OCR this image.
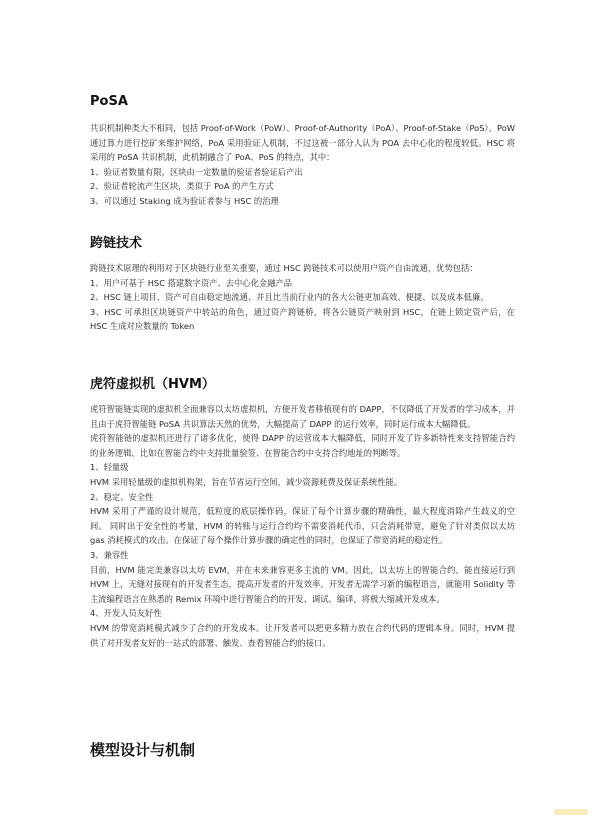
PoSA

共识机制种类大不相同，包括 Proof-of-Work（PoW）、Proof-of-Authority（PoA）、Proof-of-Stake（PoS）。PoW 通过算力进行挖矿来维护网络，PoA 采用验证人机制，不过这被一部分人认为 POA 去中心化的程度较低。HSC 将采用的 PoSA 共识机制，此机制融合了 PoA、PoS 的特点，其中：

1、验证者数量有限，区块由一定数量的验证者验证后产出

2、验证者轮流产生区块，类似于 PoA 的产生方式

3、可以通过 Staking 成为验证者参与 HSC 的治理

跨链技术

跨链技术原理的利用对于区块链行业至关重要，通过 HSC 跨链技术可以使用户资产自由流通，优势包括：

1、用户可基于 HSC 搭建数字资产、去中心化金融产品

2、HSC 链上项目、资产可自由稳定地流通、并且比当前行业内的各大公链更加高效、便捷、以及成本低廉。

3、HSC 可承担区块链资产中转站的角色，通过资产跨链桥，将各公链资产映射到 HSC，在链上锁定资产后，在 HSC 生成对应数量的 Token

虎符虚拟机（HVM）

虎符智能链实现的虚拟机全面兼容以太坊虚拟机，方便开发者移植现有的 DAPP，不仅降低了开发者的学习成本，并且由于虎符智能链 PoSA 共识算法天然的优势，大幅提高了 DAPP 的运行效率，同时运行成本大幅降低。

虎符智能链的虚拟机还进行了诸多优化，使得 DAPP 的运营成本大幅降低，同时开发了许多新特性来支持智能合约的业务逻辑，比如在智能合约中支持批量验签、在智能合约中支持合约地址的判断等。

1、轻量级

HVM 采用轻量级的虚拟机构架，旨在节省运行空间，减少资源耗费及保证系统性能。

2、稳定、安全性

HVM 采用了严谨的设计规范，低粒度的底层操作码，保证了每个计算步骤的精确性，最大程度消除产生歧义的空间。 同时出于安全性的考量，HVM 的转账与运行合约均不需要消耗代币，只会消耗带宽，避免了针对类似以太坊 gas 消耗模式的攻击。在保证了每个操作计算步骤的确定性的同时，也保证了带宽消耗的稳定性。

3、兼容性

目前，HVM 能完美兼容以太坊 EVM，并在未来兼容更多主流的 VM。因此，以太坊上的智能合约，能直接运行到 HVM 上，无缝对接现有的开发者生态，提高开发者的开发效率。开发者无需学习新的编程语言，就能用 Solidity 等主流编程语言在熟悉的 Remix 环境中进行智能合约的开发、调试、编译，将极大缩减开发成本。

4、开发人员友好性

HVM 的带宽消耗模式减少了合约的开发成本。让开发者可以把更多精力放在合约代码的逻辑本身。同时，HVM 提供了对开发者友好的一站式的部署、触发、查看智能合约的接口。

模型设计与机制
